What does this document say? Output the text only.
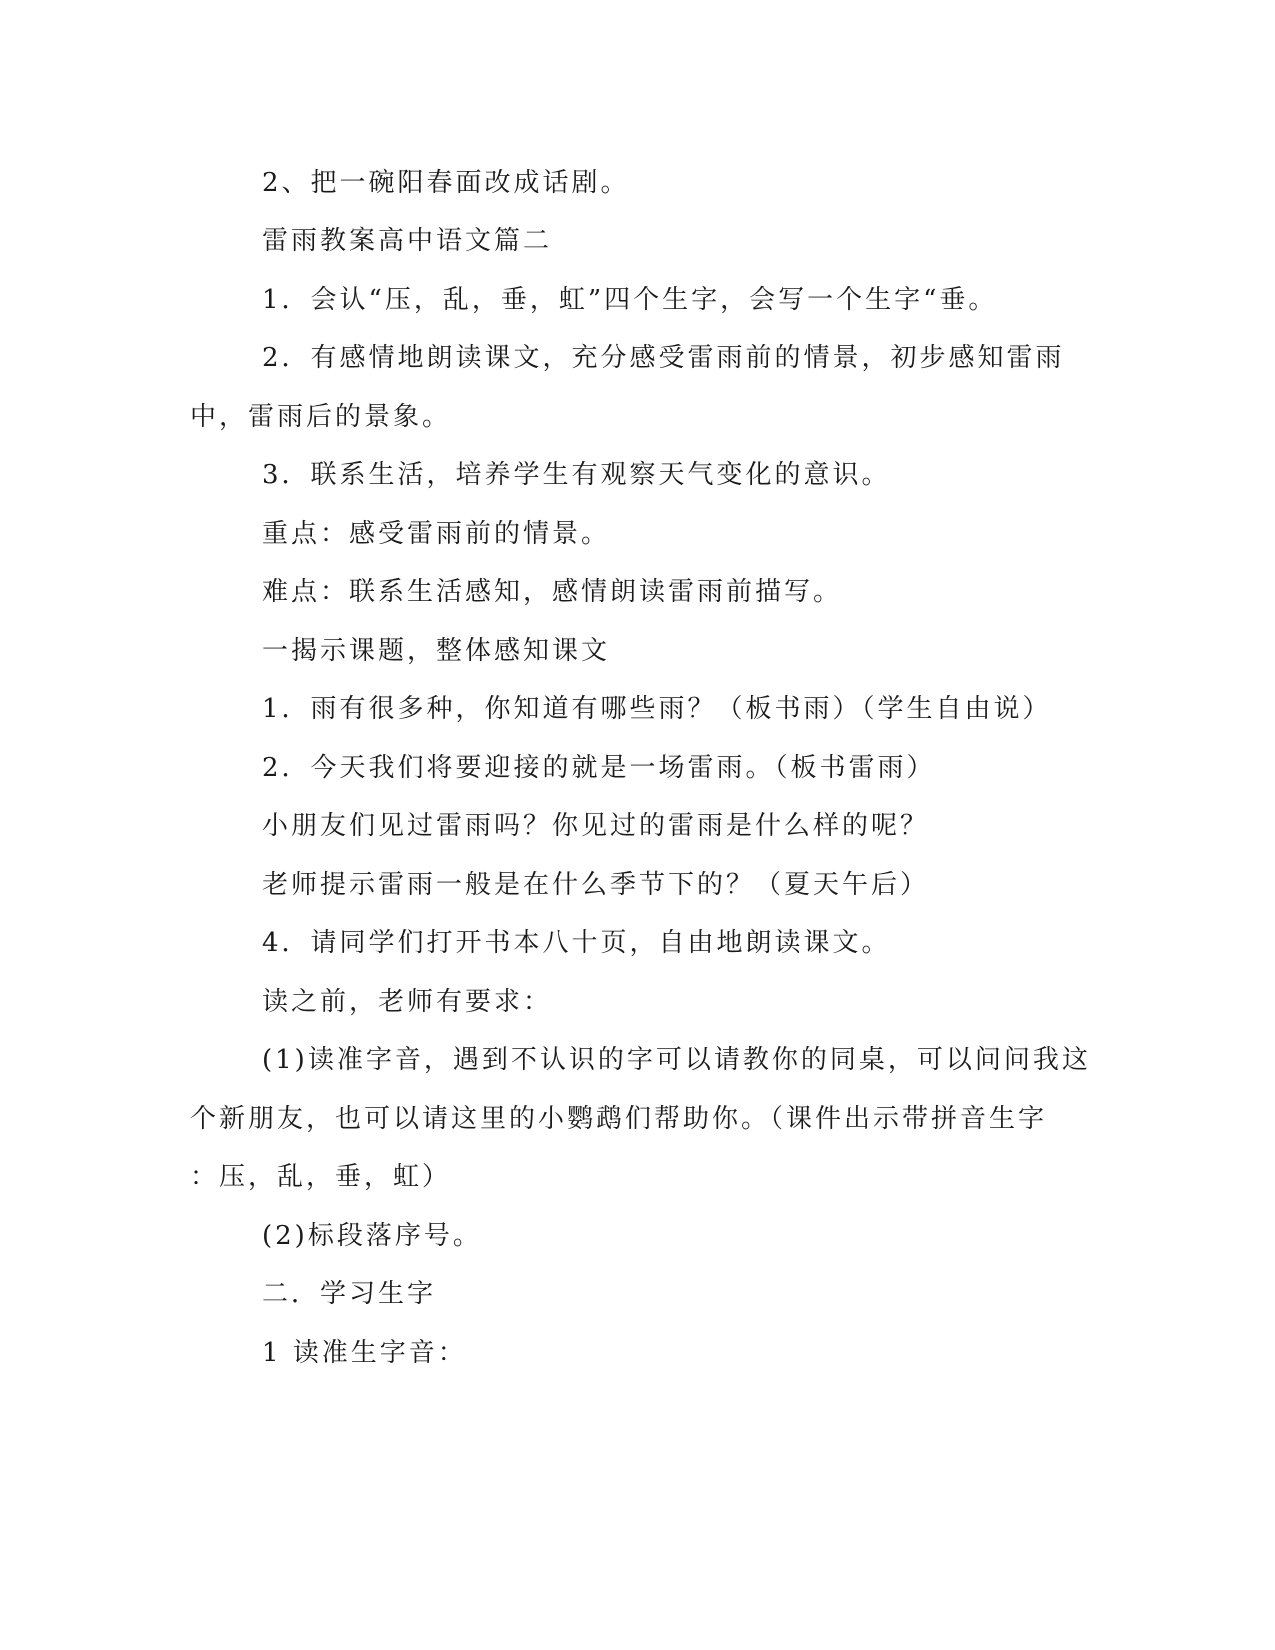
2、把一碗阳春面改成话剧。
雷雨教案高中语文篇二
1．会认“压，乱，垂，虹”四个生字，会写一个生字“垂。
2．有感情地朗读课文，充分感受雷雨前的情景，初步感知雷雨
中，雷雨后的景象。
3．联系生活，培养学生有观察天气变化的意识。
重点：感受雷雨前的情景。
难点：联系生活感知，感情朗读雷雨前描写。
一揭示课题，整体感知课文
1．雨有很多种，你知道有哪些雨？（板书雨）（学生自由说）
2．今天我们将要迎接的就是一场雷雨。（板书雷雨）
小朋友们见过雷雨吗？你见过的雷雨是什么样的呢？
老师提示雷雨一般是在什么季节下的？（夏天午后）
4．请同学们打开书本八十页，自由地朗读课文。
读之前，老师有要求：
(1)读准字音，遇到不认识的字可以请教你的同桌，可以问问我这
个新朋友，也可以请这里的小鹦鹉们帮助你。（课件出示带拼音生字
：压，乱，垂，虹）
(2)标段落序号。
二．学习生字
1 读准生字音：
